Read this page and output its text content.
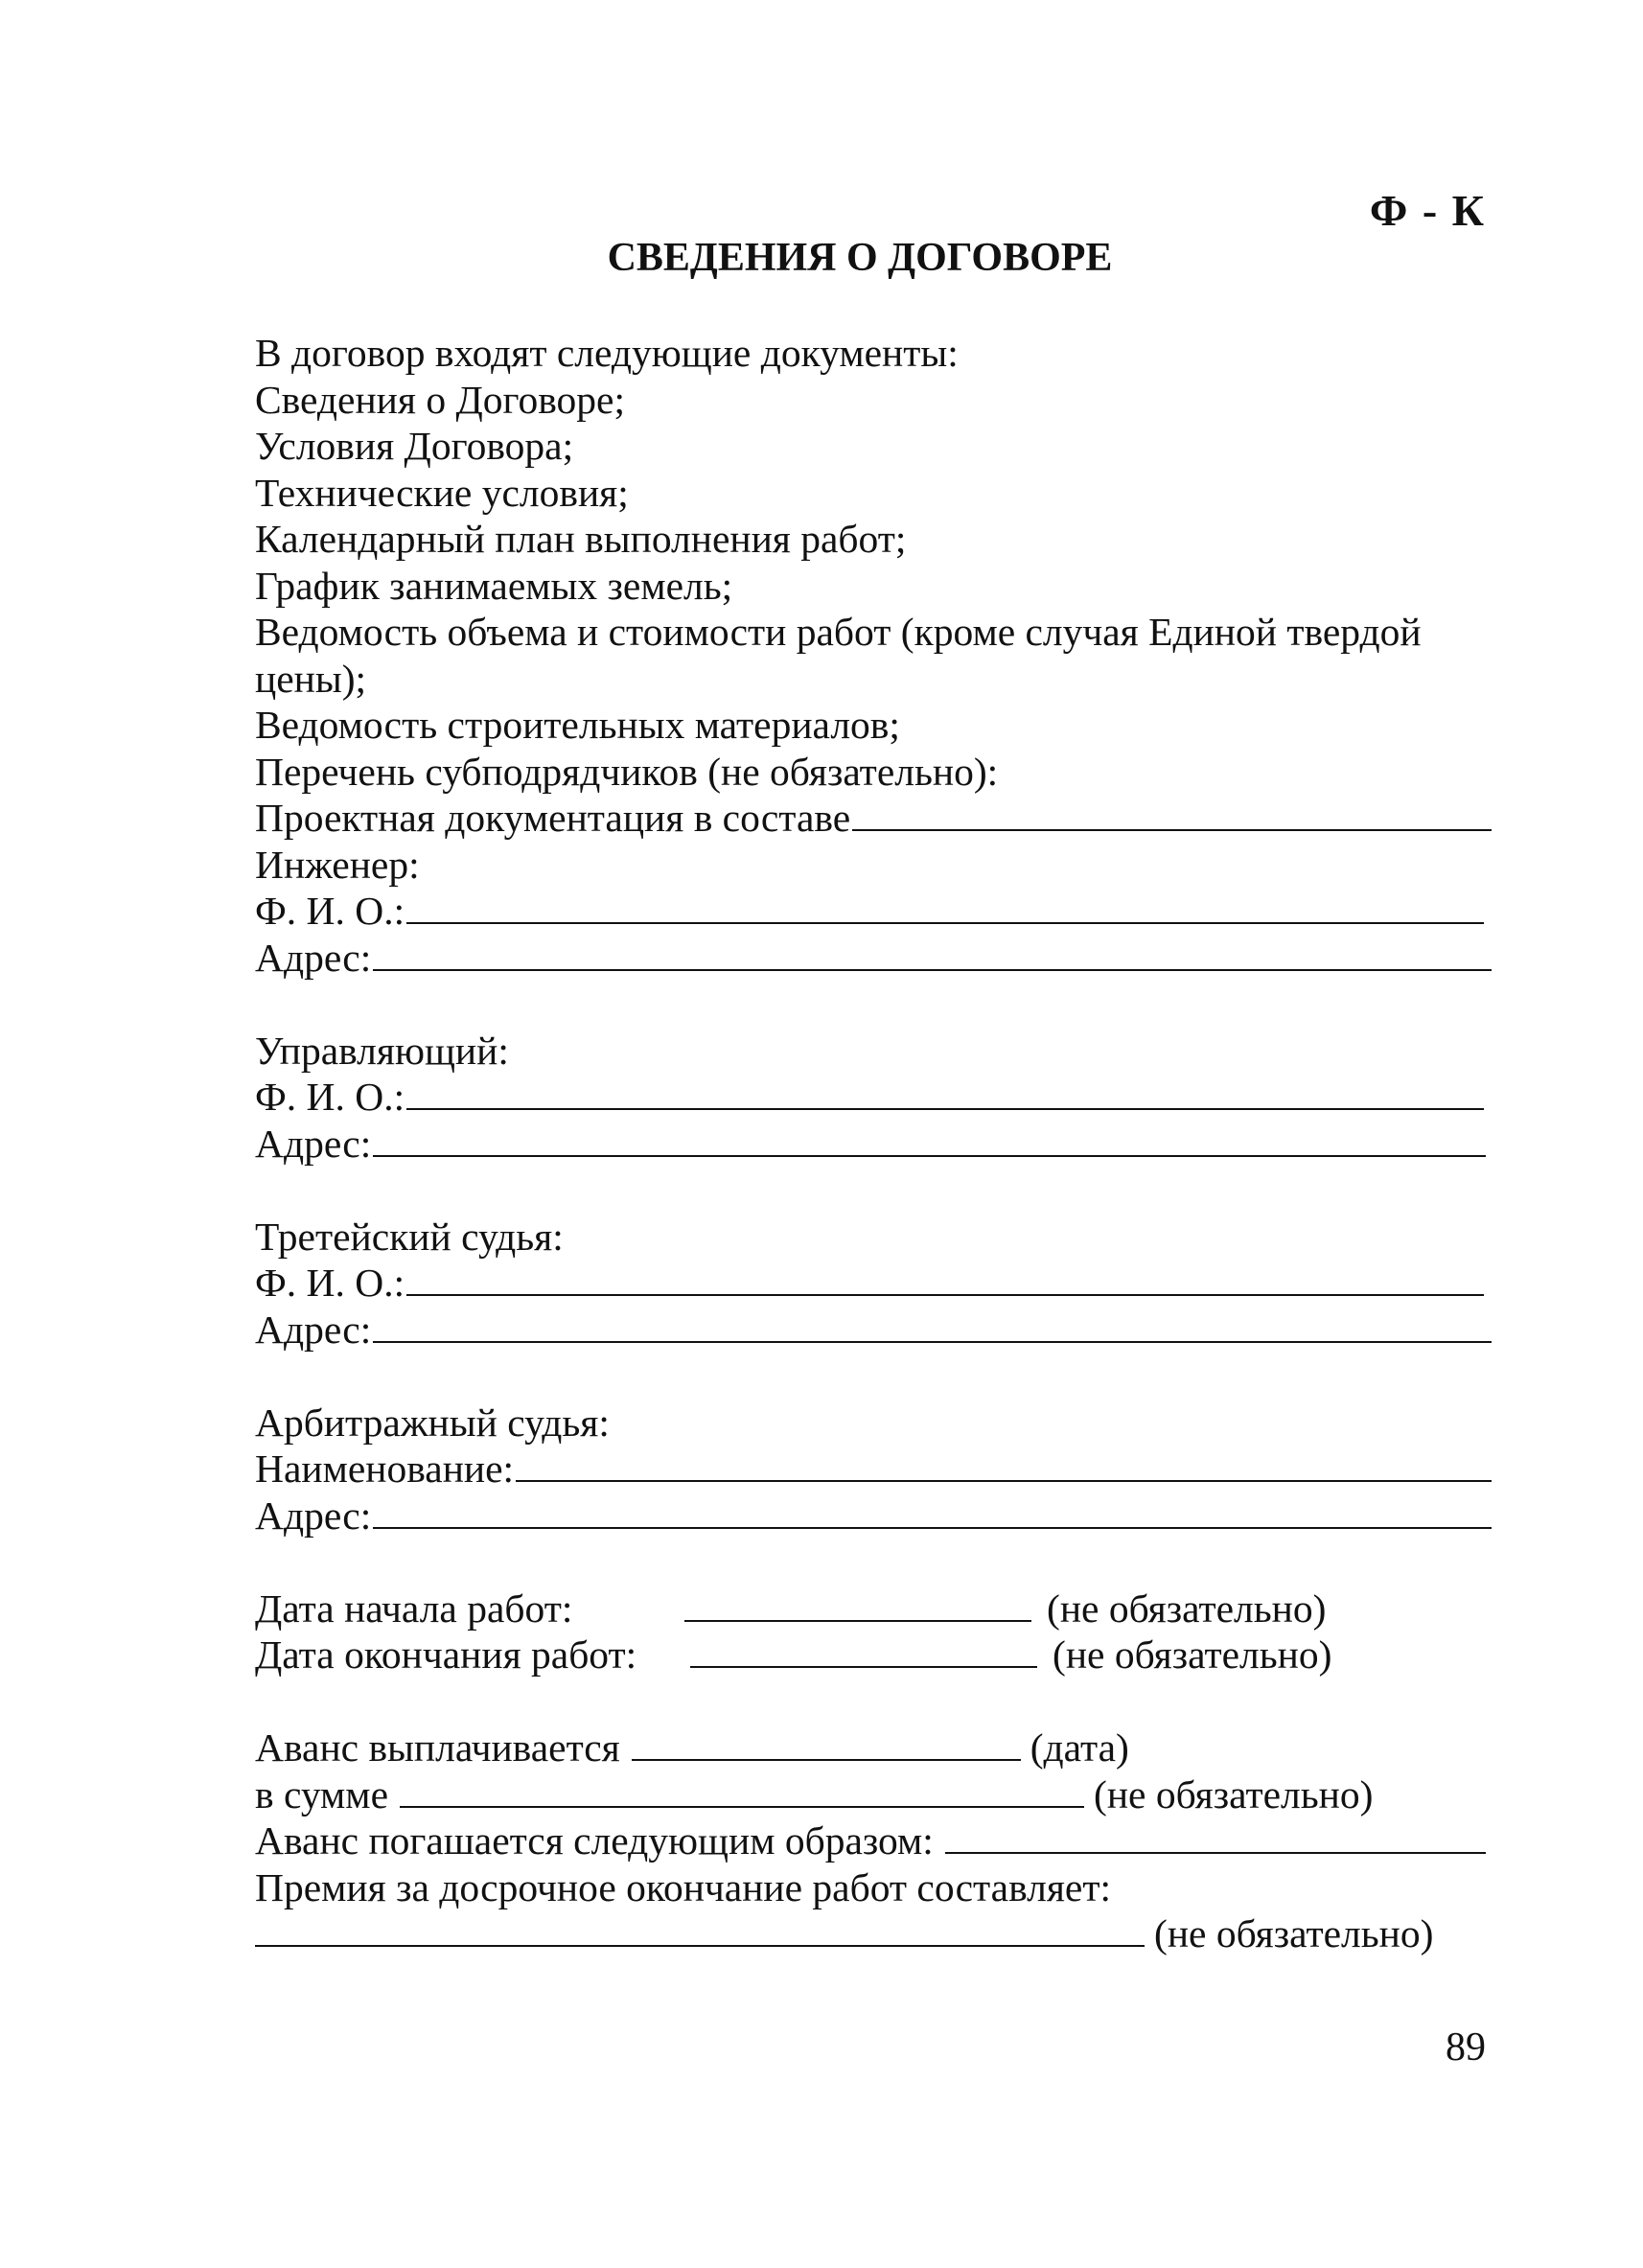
Ф - К
СВЕДЕНИЯ О ДОГОВОРЕ
В договор входят следующие документы:
Сведения о Договоре;
Условия Договора;
Технические условия;
Календарный план выполнения работ;
График занимаемых земель;
Ведомость объема и стоимости работ (кроме случая Единой твердой
цены);
Ведомость строительных материалов;
Перечень субподрядчиков (не обязательно):
Проектная документация в составе
Инженер:
Ф. И. О.:
Адрес:
Управляющий:
Ф. И. О.:
Адрес:
Третейский судья:
Ф. И. О.:
Адрес:
Арбитражный судья:
Наименование:
Адрес:
Дата начала работ:	(не обязательно)
Дата окончания работ:	(не обязательно)
Аванс выплачивается	(дата)
в сумме	(не обязательно)
Аванс погашается следующим образом:
Премия за досрочное окончание работ составляет:
(не обязательно)
89
